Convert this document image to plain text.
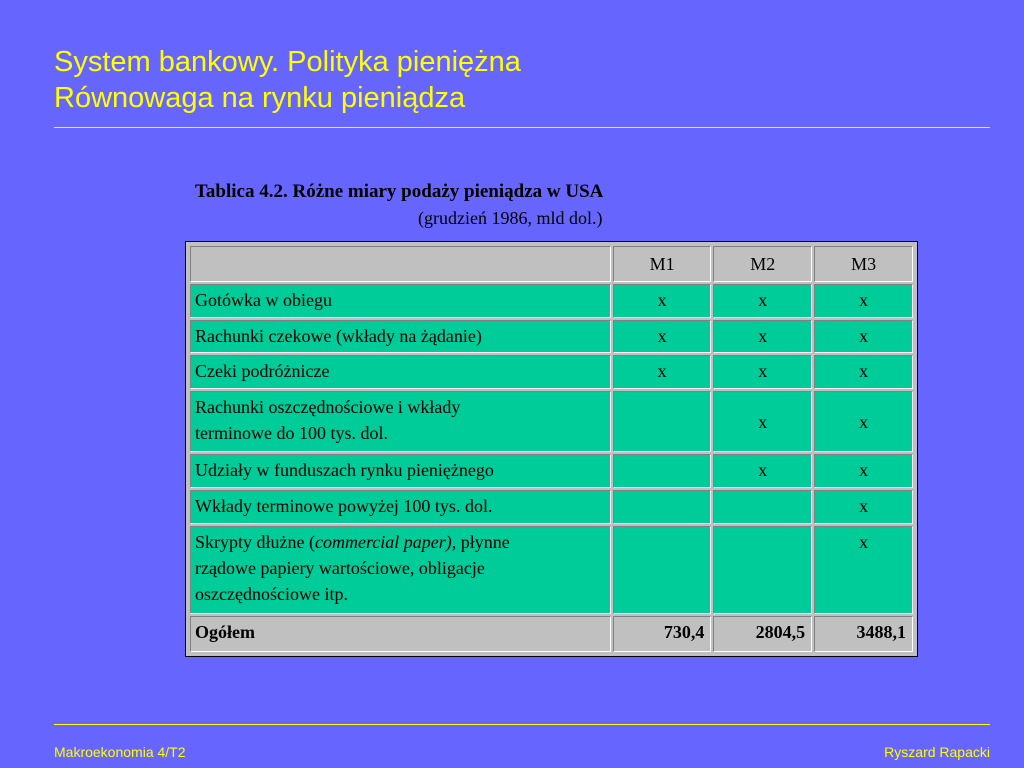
System bankowy. Polityka pieniężna
Równowaga na rynku pieniądza
Tablica 4.2. Różne miary podaży pieniądza w USA
(grudzień 1986, mld dol.)
	M1	M2	M3
Gotówka w obiegu	x	x	x
Rachunki czekowe (wkłady na żądanie)	x	x	x
Czeki podróżnicze	x	x	x
Rachunki oszczędnościowe i wkłady
terminowe do 100 tys. dol.		x	x
Udziały w funduszach rynku pieniężnego		x	x
Wkłady terminowe powyżej 100 tys. dol.			x
Skrypty dłużne (commercial paper), płynne
rządowe papiery wartościowe, obligacje
oszczędnościowe itp.			x
Ogółem	730,4	2804,5	3488,1
Makroekonomia 4/T2	Ryszard Rapacki
